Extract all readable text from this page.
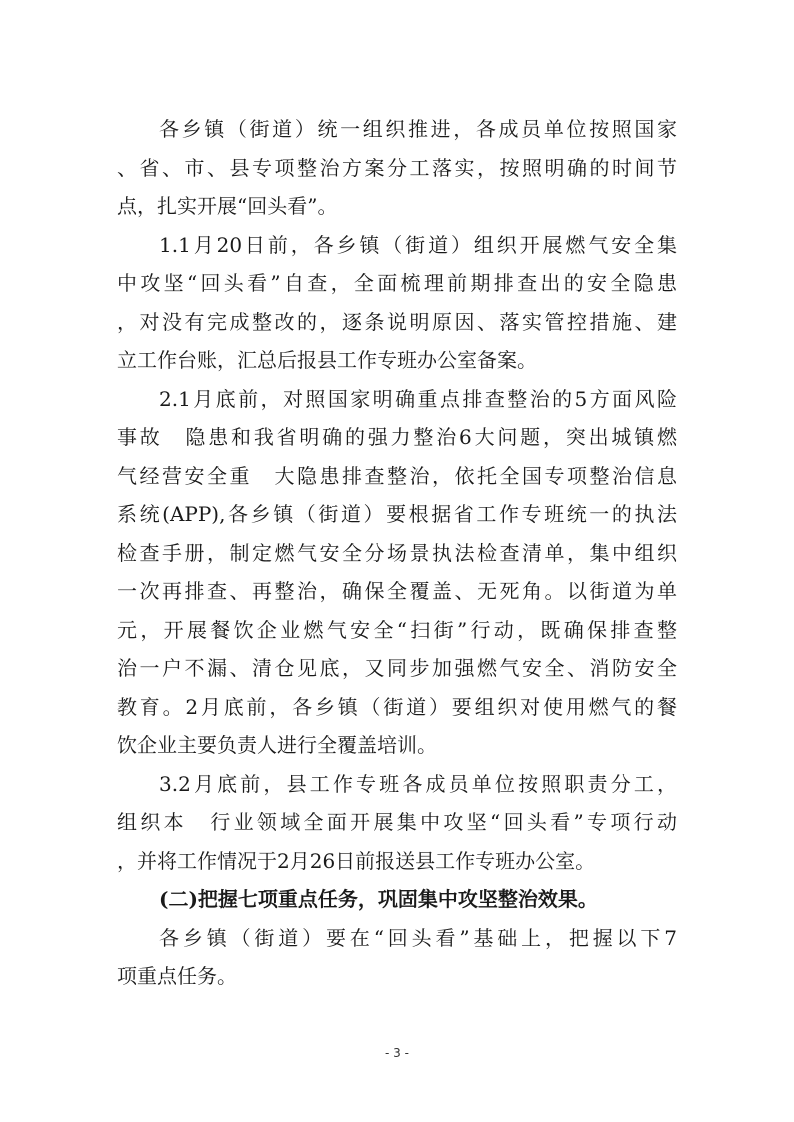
各乡镇（街道）统一组织推进，各成员单位按照国家

、省、市、县专项整治方案分工落实，按照明确的时间节

点，扎实开展“回头看”。

1.1月20日前，各乡镇（街道）组织开展燃气安全集

中攻坚“回头看”自查，全面梳理前期排查出的安全隐患

，对没有完成整改的，逐条说明原因、落实管控措施、建

立工作台账，汇总后报县工作专班办公室备案。

2.1月底前，对照国家明确重点排查整治的5方面风险

事故　隐患和我省明确的强力整治6大问题，突出城镇燃

气经营安全重　大隐患排查整治，依托全国专项整治信息

系统(APP),各乡镇（街道）要根据省工作专班统一的执法

检查手册，制定燃气安全分场景执法检查清单，集中组织

一次再排查、再整治，确保全覆盖、无死角。以街道为单

元，开展餐饮企业燃气安全“扫街”行动，既确保排查整

治一户不漏、清仓见底，又同步加强燃气安全、消防安全

教育。2月底前，各乡镇（街道）要组织对使用燃气的餐

饮企业主要负责人进行全覆盖培训。

3.2月底前，县工作专班各成员单位按照职责分工，

组织本　行业领域全面开展集中攻坚“回头看”专项行动

，并将工作情况于2月26日前报送县工作专班办公室。

(二)把握七项重点任务，巩固集中攻坚整治效果。

各乡镇（街道）要在“回头看”基础上，把握以下7

项重点任务。

- 3 -
